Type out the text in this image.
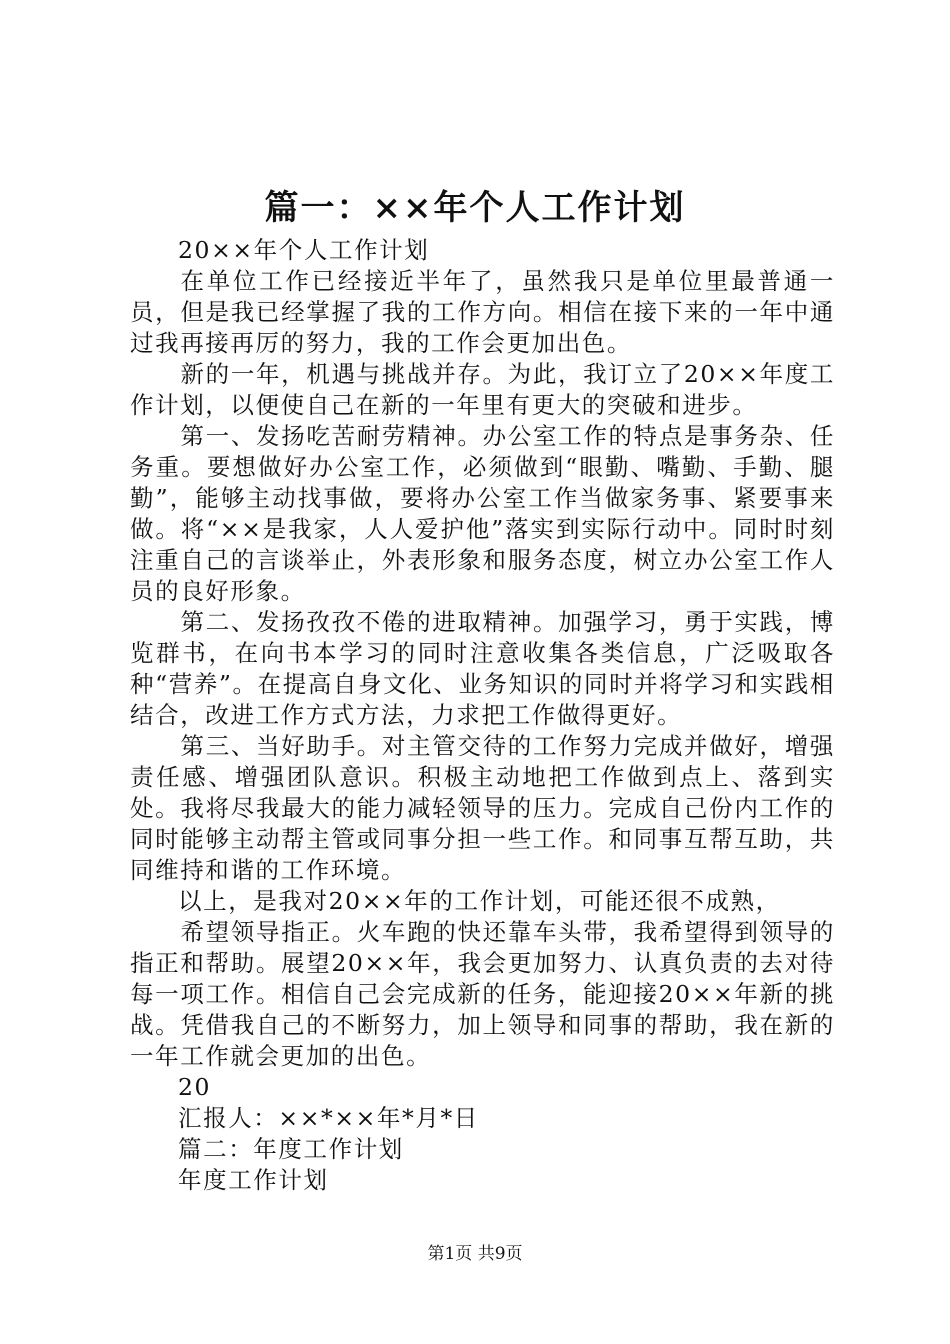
篇一：××年个人工作计划

20××年个人工作计划

在单位工作已经接近半年了，虽然我只是单位里最普通一员，但是我已经掌握了我的工作方向。相信在接下来的一年中通过我再接再厉的努力，我的工作会更加出色。

新的一年，机遇与挑战并存。为此，我订立了20××年度工作计划，以便使自己在新的一年里有更大的突破和进步。

第一、发扬吃苦耐劳精神。办公室工作的特点是事务杂、任务重。要想做好办公室工作，必须做到“眼勤、嘴勤、手勤、腿勤”，能够主动找事做，要将办公室工作当做家务事、紧要事来做。将“××是我家，人人爱护他”落实到实际行动中。同时时刻注重自己的言谈举止，外表形象和服务态度，树立办公室工作人员的良好形象。

第二、发扬孜孜不倦的进取精神。加强学习，勇于实践，博览群书，在向书本学习的同时注意收集各类信息，广泛吸取各种“营养”。在提高自身文化、业务知识的同时并将学习和实践相结合，改进工作方式方法，力求把工作做得更好。

第三、当好助手。对主管交待的工作努力完成并做好，增强责任感、增强团队意识。积极主动地把工作做到点上、落到实处。我将尽我最大的能力减轻领导的压力。完成自己份内工作的同时能够主动帮主管或同事分担一些工作。和同事互帮互助，共同维持和谐的工作环境。

以上，是我对20××年的工作计划，可能还很不成熟，

希望领导指正。火车跑的快还靠车头带，我希望得到领导的指正和帮助。展望20××年，我会更加努力、认真负责的去对待每一项工作。相信自己会完成新的任务，能迎接20××年新的挑战。凭借我自己的不断努力，加上领导和同事的帮助，我在新的一年工作就会更加的出色。

20

汇报人：××*××年*月*日

篇二：年度工作计划

年度工作计划

第1页 共9页
